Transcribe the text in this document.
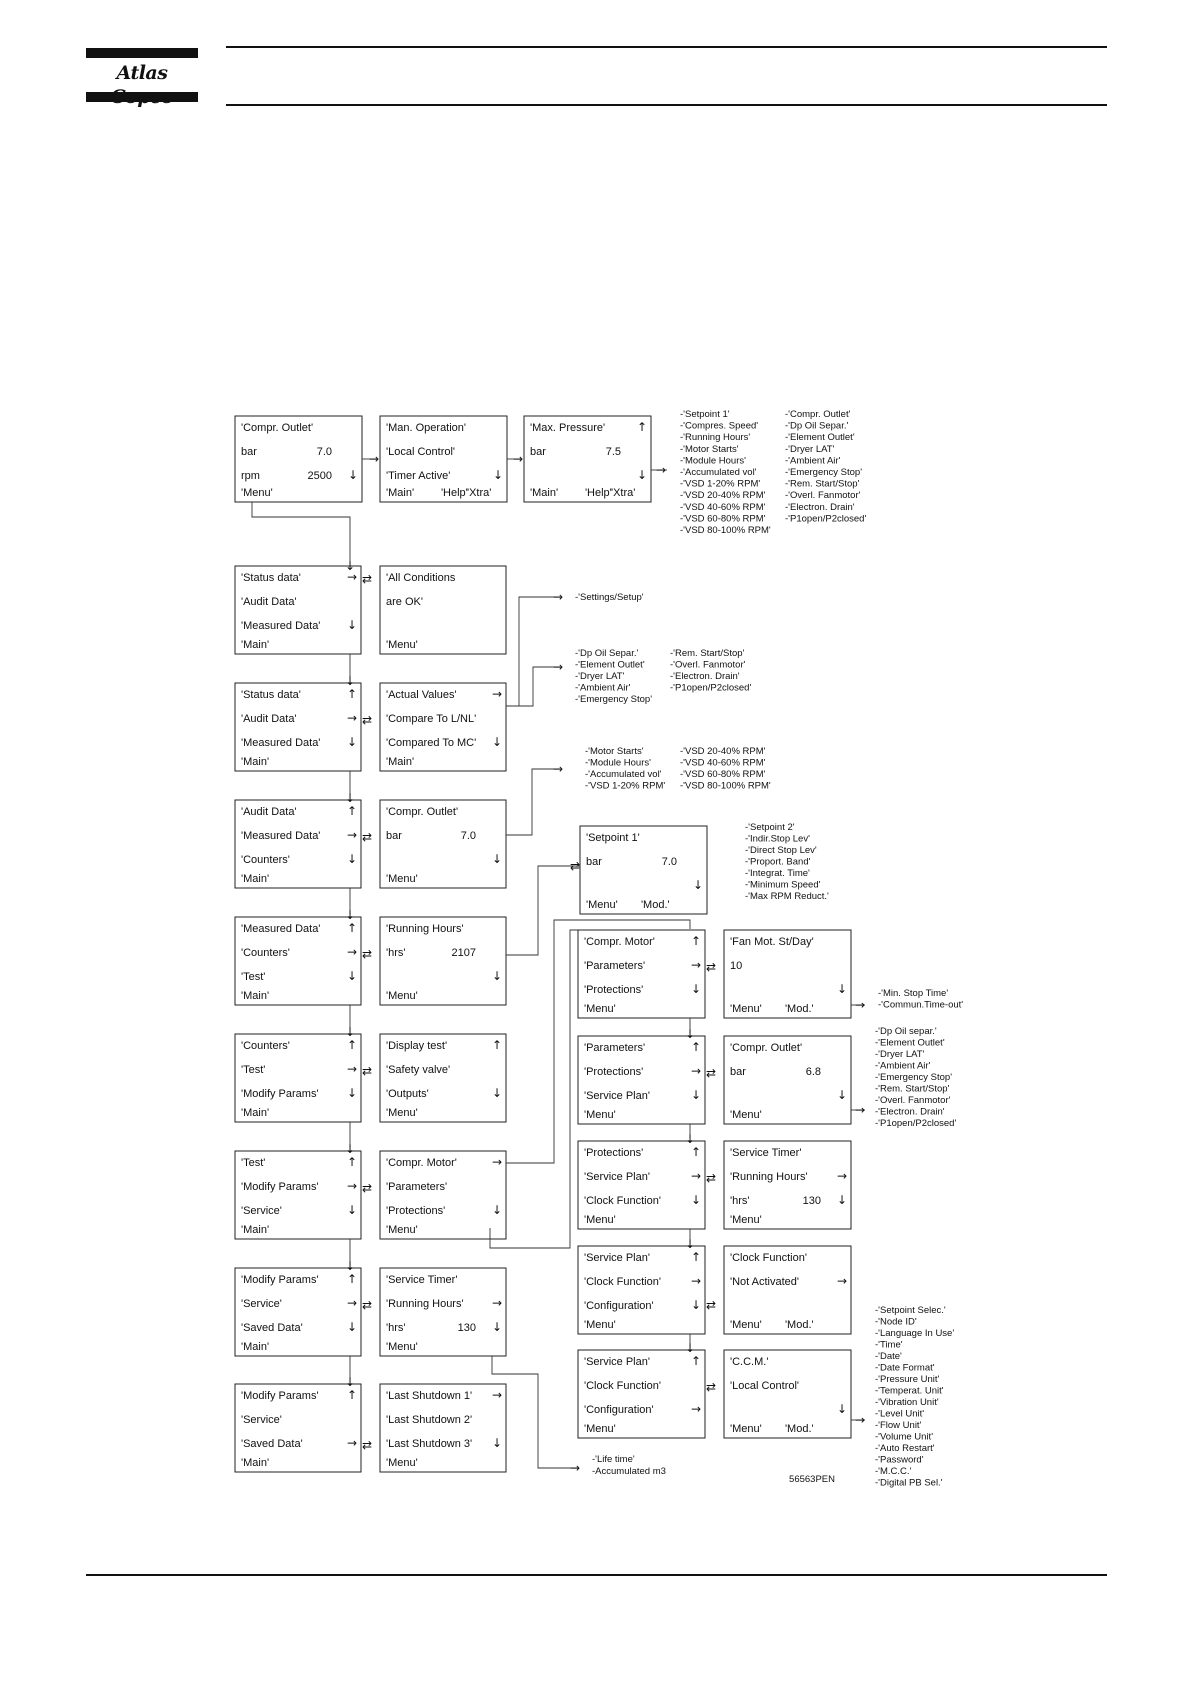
Atlas
'Compr. Outlet'
bar	7.0
rpm	2500
'Menu'
↓
'Man. Operation'
'Local Control'
'Timer Active'
'Main' 'Help' 'Xtra'
↓
'Max. Pressure'
bar	7.5
'Main' 'Help' 'Xtra'
↑
↓
→	→
→
-'Setpoint 1'
-'Compres. Speed'
-'Running Hours'
-'Motor Starts'
-'Module Hours'
-'Accumulated vol'
-'VSD 1-20% RPM'
-'VSD 20-40% RPM'
-'VSD 40-60% RPM'
-'VSD 60-80% RPM'
-'VSD 80-100% RPM'
-'Compr. Outlet'
-'Dp Oil Separ.'
-'Element Outlet'
-'Dryer LAT'
-'Ambient Air'
-'Emergency Stop'
-'Rem. Start/Stop'
-'Overl. Fanmotor'
-'Electron. Drain'
-'P1open/P2closed'
↓
'Status data'
'Audit Data'
'Measured Data'
'Main'
→
↓
↓
'Status data'
'Audit Data'
'Measured Data'
'Main'
↑
→
↓
↓
'Audit Data'
'Measured Data'
'Counters'
'Main'
↑
→
↓
↓
'Measured Data'
'Counters'
'Test'
'Main'
↑
→
↓
↓
'Counters'
'Test'
'Modify Params'
'Main'
↑
→
↓
↓
'Test'
'Modify Params'
'Service'
'Main'
↑
→
↓
↓
'Modify Params'
'Service'
'Saved Data'
'Main'
↑
→
↓
↓
'Modify Params'
'Service'
'Saved Data'
'Main'
↑
→
'All Conditions
are OK'
'Menu'
⇄
'Actual Values'
'Compare To L/NL'
'Compared To MC'
'Main'
→
↓
⇄
'Compr. Outlet'
bar	7.0
'Menu'
↓
⇄
'Running Hours'
'hrs'	2107
'Menu'
↓
⇄
'Display test'
'Safety valve'
'Outputs'
'Menu'
↑
↓
⇄
'Compr. Motor'
'Parameters'
'Protections'
'Menu'
→
↓
⇄
'Service Timer'
'Running Hours'
'hrs'	130
'Menu'
→
↓
⇄
'Last Shutdown 1'
'Last Shutdown 2'
'Last Shutdown 3'
'Menu'
→
↓
⇄
→ -'Settings/Setup'
→
-'Dp Oil Separ.'
-'Element Outlet'
-'Dryer LAT'
-'Ambient Air'
-'Emergency Stop'
-'Rem. Start/Stop'
-'Overl. Fanmotor'
-'Electron. Drain'
-'P1open/P2closed'
→
-'Motor Starts'
-'Module Hours'
-'Accumulated vol'
-'VSD 1-20% RPM'
-'VSD 20-40% RPM'
-'VSD 40-60% RPM'
-'VSD 60-80% RPM'
-'VSD 80-100% RPM'
⇄
'Setpoint 1'
bar	7.0
'Menu' 'Mod.'
↓
-'Setpoint 2'
-'Indir.Stop Lev'
-'Direct Stop Lev'
-'Proport. Band'
-'Integrat. Time'
-'Minimum Speed'
-'Max RPM Reduct.'
'Compr. Motor'
'Parameters'
'Protections'
'Menu'
↑
→
↓
↓
⇄
'Parameters'
'Protections'
'Service Plan'
'Menu'
↑
→
↓
↓
⇄
'Protections'
'Service Plan'
'Clock Function'
'Menu'
↑
→
↓
↓
⇄
'Service Plan'
'Clock Function'
'Configuration'
'Menu'
↑
→
↓
↓
⇄
'Service Plan'
'Clock Function'
'Configuration'
'Menu'
↑
→
⇄
'Fan Mot. St/Day'
10
'Menu' 'Mod.'
↓
'Compr. Outlet'
bar	6.8
'Menu'
↓
'Service Timer'
'Running Hours'
'hrs'	130
'Menu'
→
↓
'Clock Function'
'Not Activated'
'Menu' 'Mod.'
→
'C.C.M.'
'Local Control'
'Menu' 'Mod.'
↓
→
-'Min. Stop Time'
-'Commun.Time-out'
→
-'Dp Oil separ.'
-'Element Outlet'
-'Dryer LAT'
-'Ambient Air'
-'Emergency Stop'
-'Rem. Start/Stop'
-'Overl. Fanmotor'
-'Electron. Drain'
-'P1open/P2closed'
→
-'Setpoint Selec.'
-'Node ID'
-'Language In Use'
-'Time'
-'Date'
-'Date Format'
-'Pressure Unit'
-'Temperat. Unit'
-'Vibration Unit'
-'Level Unit'
-'Flow Unit'
-'Volume Unit'
-'Auto Restart'
-'Password'
-'M.C.C.'
-'Digital PB Sel.'
→
-'Life time'
-Accumulated m3
56563PEN
